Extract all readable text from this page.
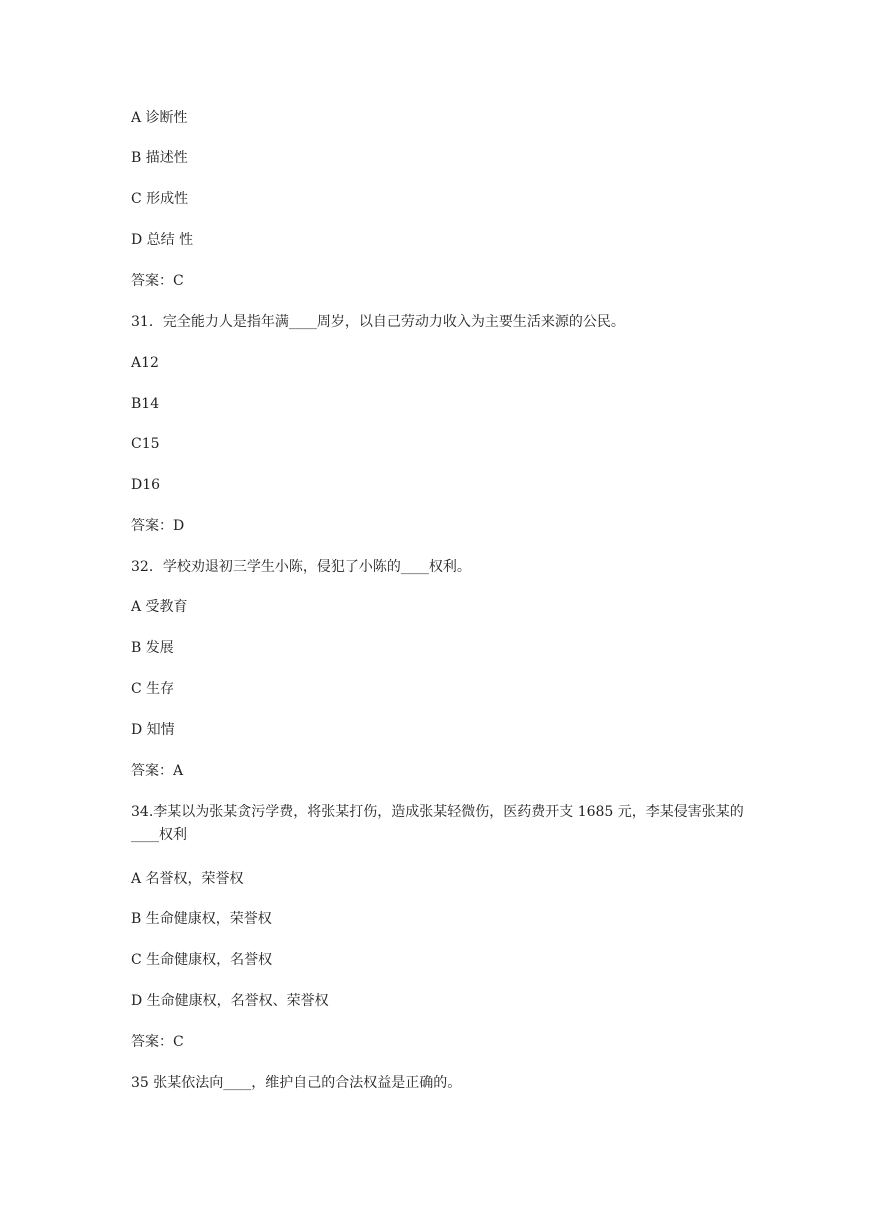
A 诊断性
B 描述性
C 形成性
D 总结 性
答案：C
31．完全能力人是指年满____周岁，以自己劳动力收入为主要生活来源的公民。
A12
B14
C15
D16
答案：D
32．学校劝退初三学生小陈，侵犯了小陈的____权利。
A 受教育
B 发展
C 生存
D 知情
答案：A
34.李某以为张某贪污学费，将张某打伤，造成张某轻微伤，医药费开支 1685 元，李某侵害张某的____权利
A 名誉权，荣誉权
B 生命健康权，荣誉权
C 生命健康权，名誉权
D 生命健康权，名誉权、荣誉权
答案：C
35 张某依法向____，维护自己的合法权益是正确的。
